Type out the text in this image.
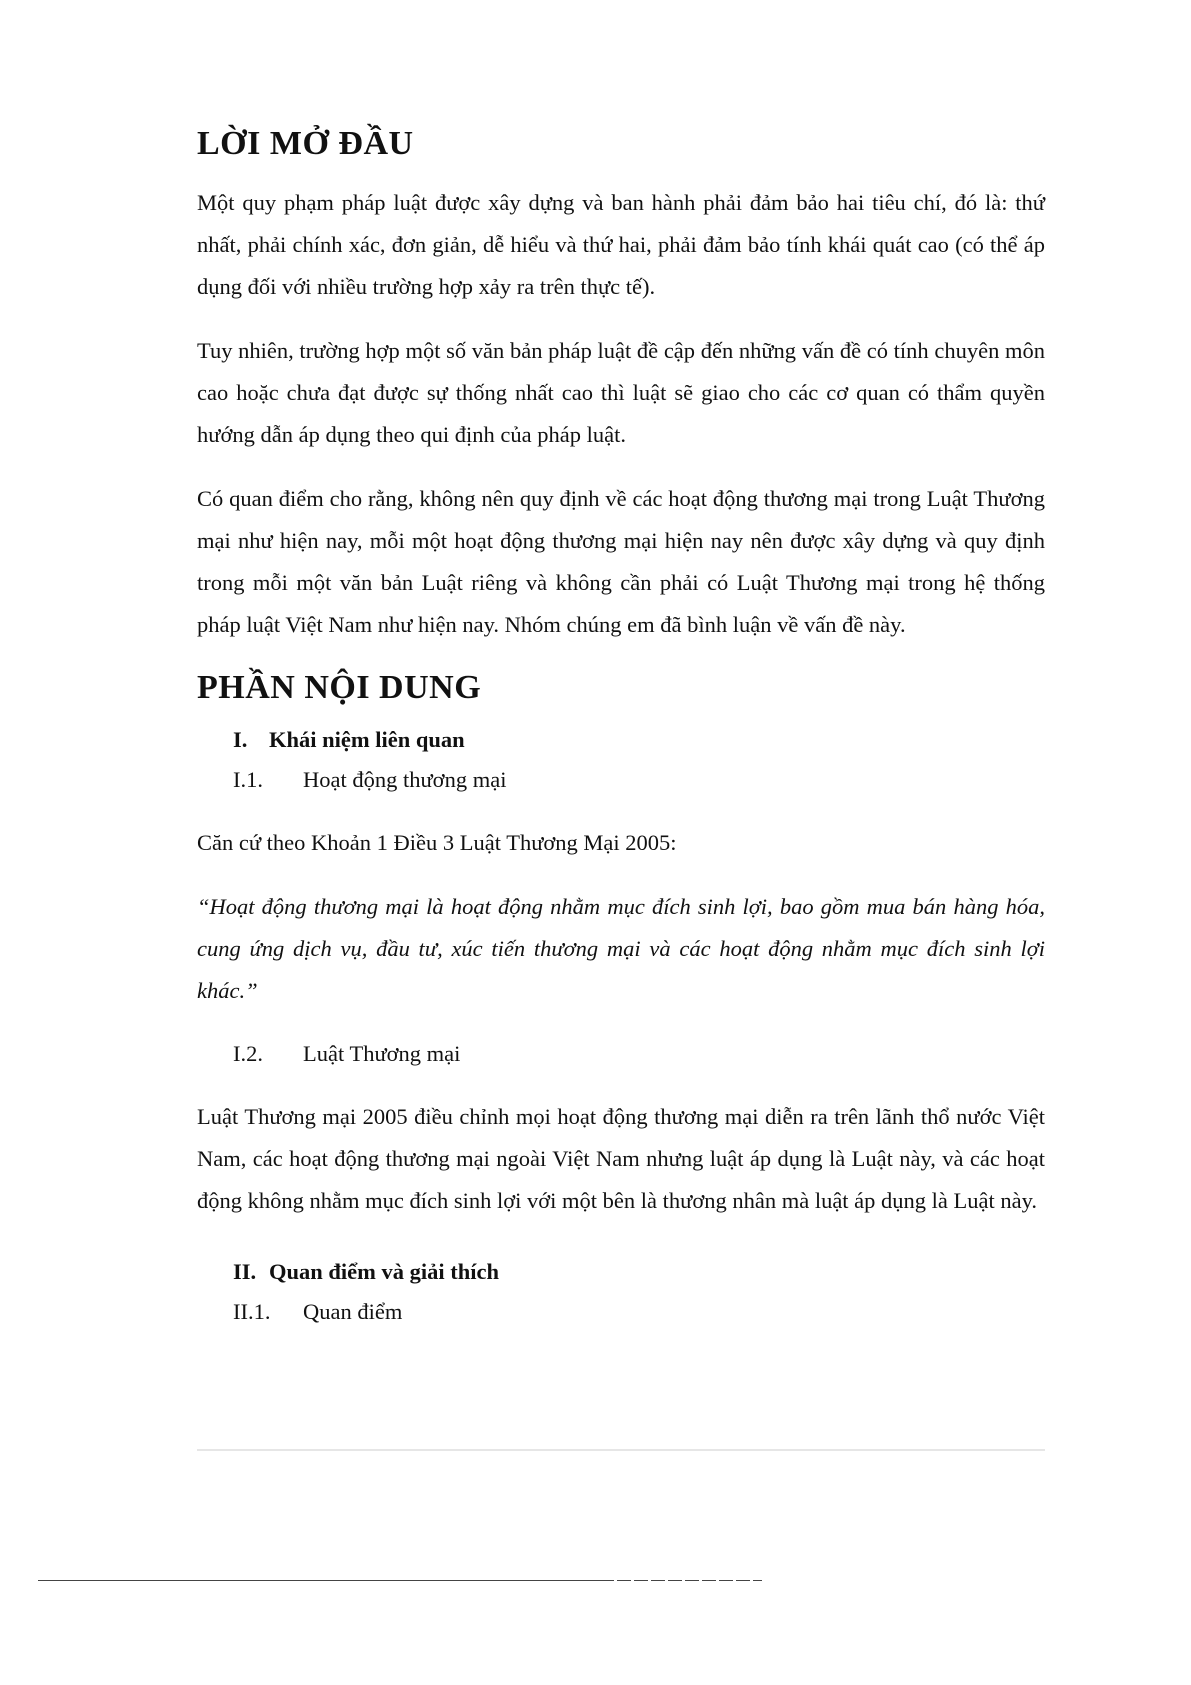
LỜI MỞ ĐẦU

Một quy phạm pháp luật được xây dựng và ban hành phải đảm bảo hai tiêu chí, đó là: thứ nhất, phải chính xác, đơn giản, dễ hiểu và thứ hai, phải đảm bảo tính khái quát cao (có thể áp dụng đối với nhiều trường hợp xảy ra trên thực tế).

Tuy nhiên, trường hợp một số văn bản pháp luật đề cập đến những vấn đề có tính chuyên môn cao hoặc chưa đạt được sự thống nhất cao thì luật sẽ giao cho các cơ quan có thẩm quyền hướng dẫn áp dụng theo qui định của pháp luật.

Có quan điểm cho rằng, không nên quy định về các hoạt động thương mại trong Luật Thương mại như hiện nay, mỗi một hoạt động thương mại hiện nay nên được xây dựng và quy định trong mỗi một văn bản Luật riêng và không cần phải có Luật Thương mại trong hệ thống pháp luật Việt Nam như hiện nay. Nhóm chúng em đã bình luận về vấn đề này.

PHẦN NỘI DUNG
I. Khái niệm liên quan
I.1.	Hoạt động thương mại

Căn cứ theo Khoản 1 Điều 3 Luật Thương Mại 2005:

“Hoạt động thương mại là hoạt động nhằm mục đích sinh lợi, bao gồm mua bán hàng hóa, cung ứng dịch vụ, đầu tư, xúc tiến thương mại và các hoạt động nhằm mục đích sinh lợi khác.”

I.2.	Luật Thương mại

Luật Thương mại 2005 điều chỉnh mọi hoạt động thương mại diễn ra trên lãnh thổ nước Việt Nam, các hoạt động thương mại ngoài Việt Nam nhưng luật áp dụng là Luật này, và các hoạt động không nhằm mục đích sinh lợi với một bên là thương nhân mà luật áp dụng là Luật này.

II. Quan điểm và giải thích
II.1.	Quan điểm
